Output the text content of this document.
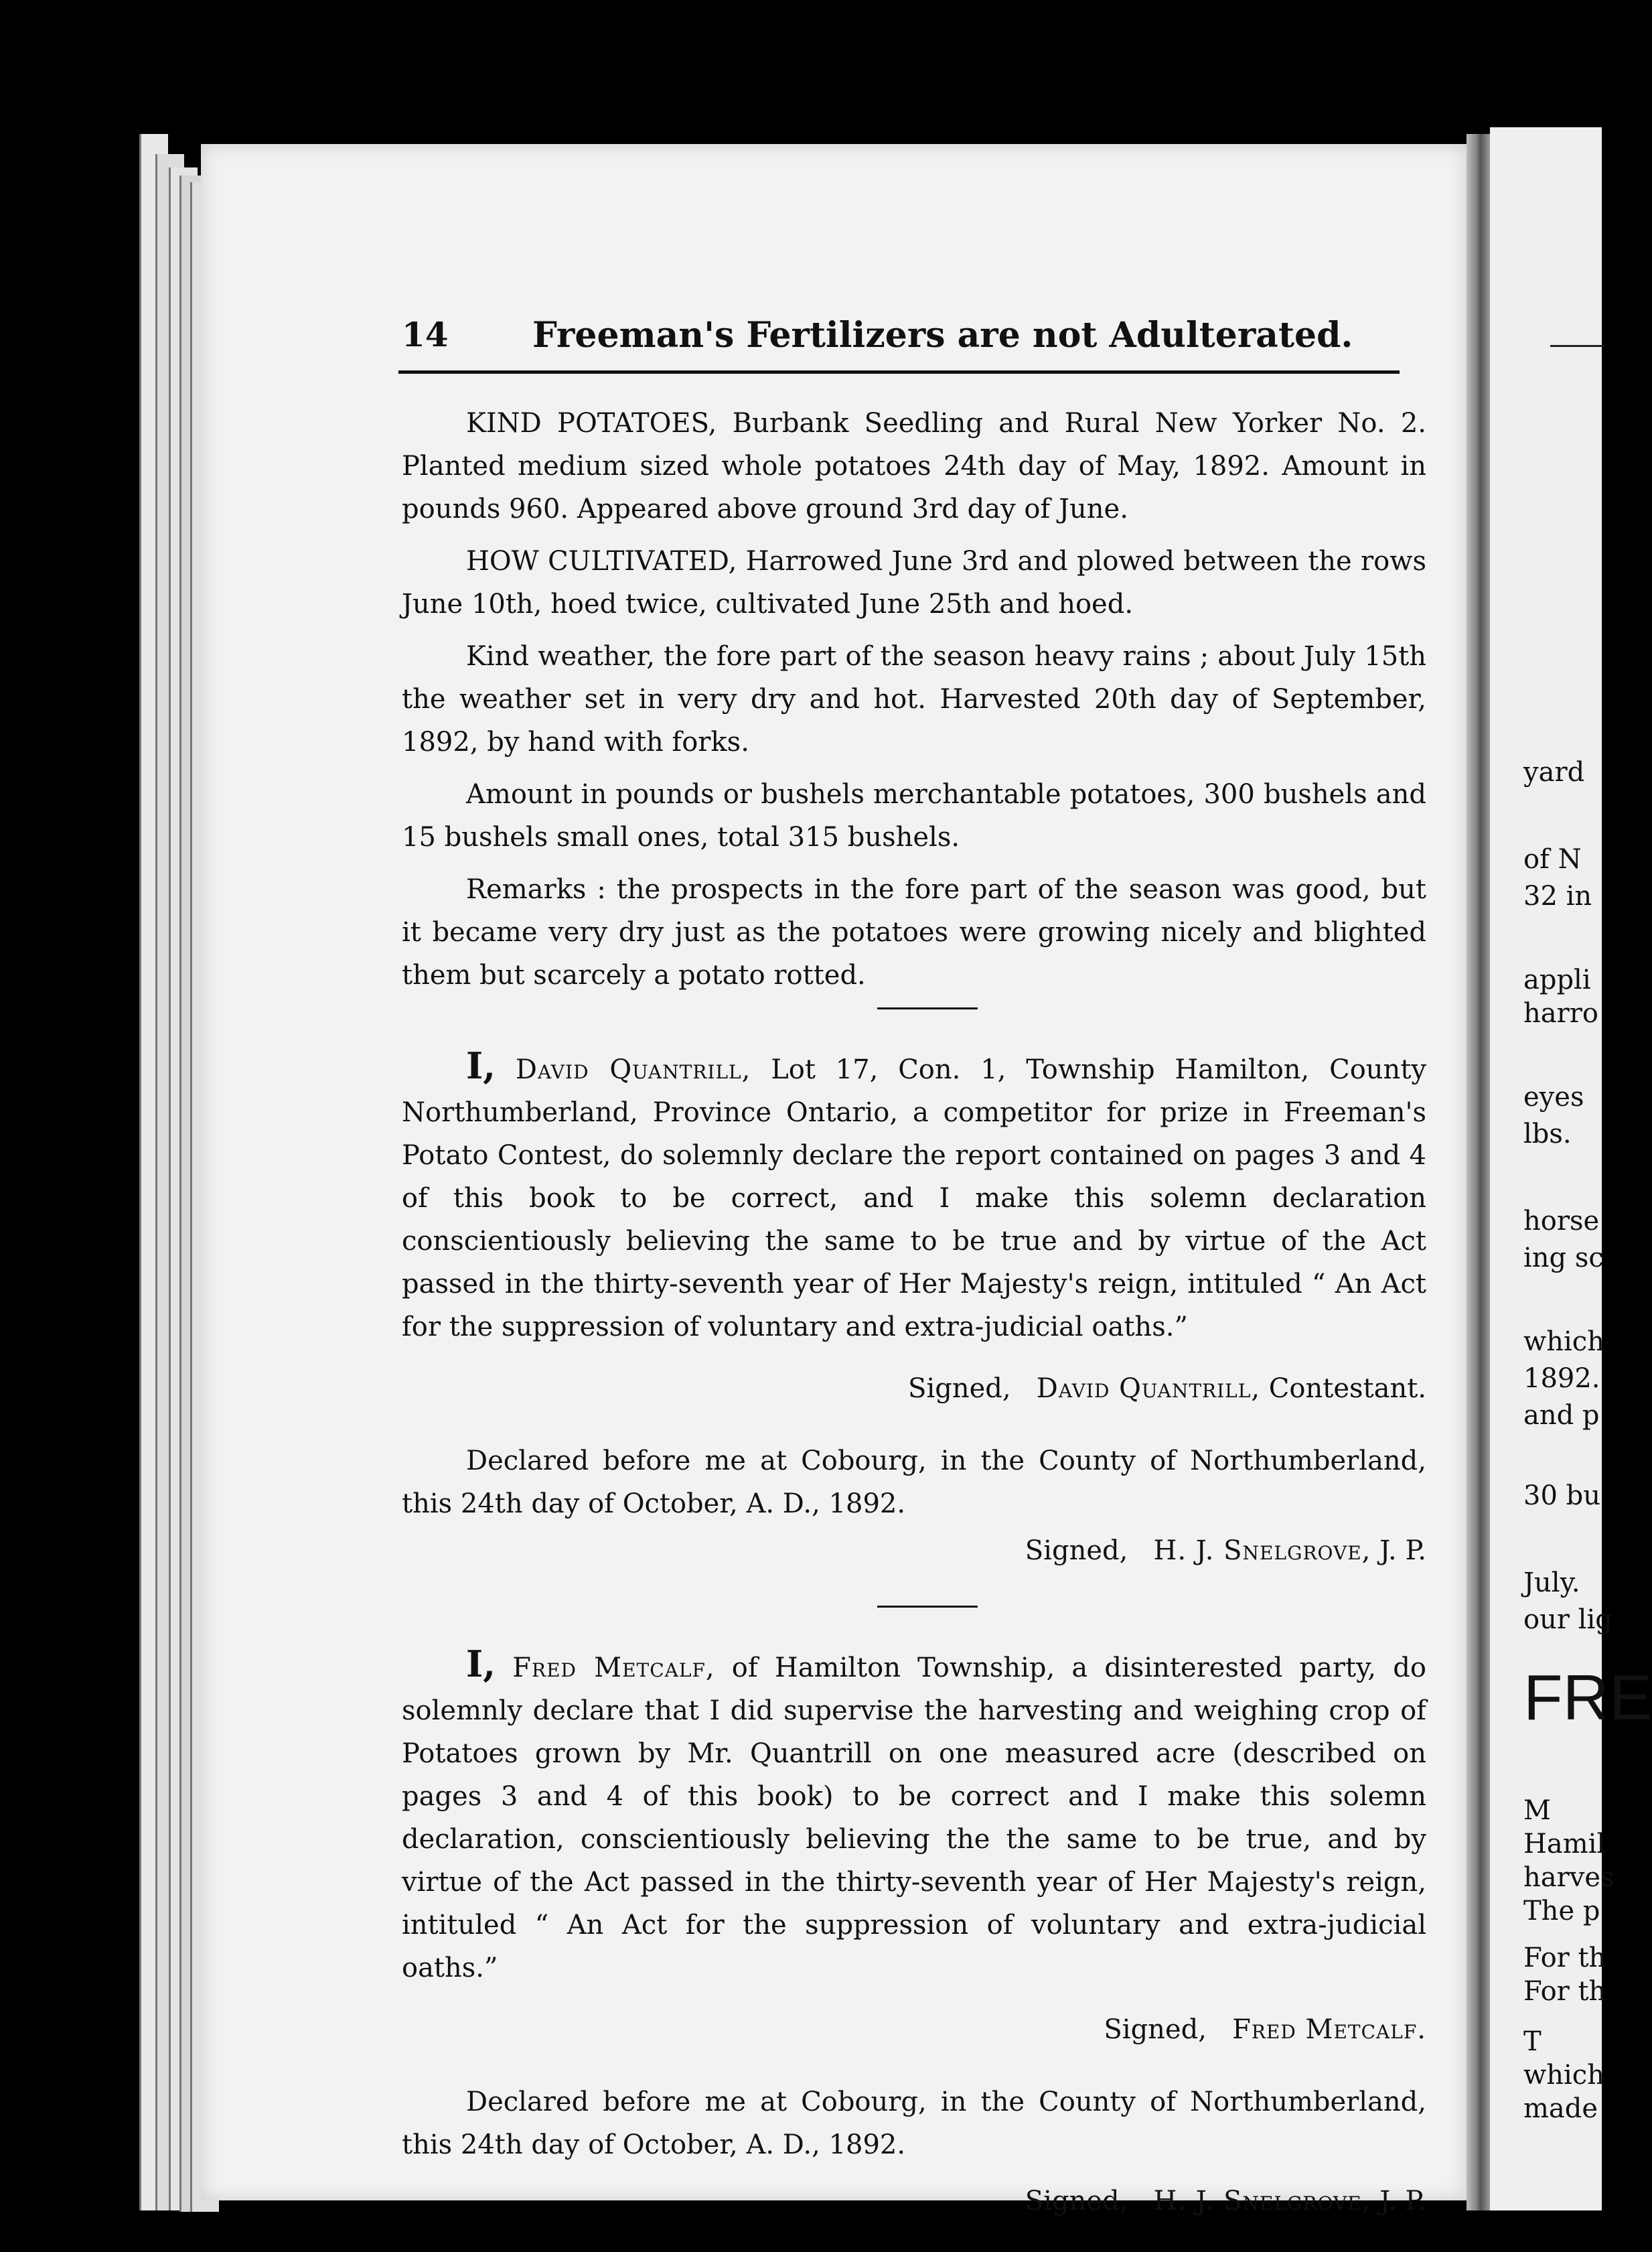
yard
of N
32 in
appli
harro
eyes
lbs.
horse
ing sc
which
1892.
and p
30 bu
July.
our lig
FRE
M
Hamil
harves
The p
For th
For th
T
which
made
14 Freeman's Fertilizers are not Adulterated.

KIND POTATOES, Burbank Seedling and Rural New Yorker No. 2. Planted medium sized whole potatoes 24th day of May, 1892. Amount in pounds 960. Appeared above ground 3rd day of June.

HOW CULTIVATED, Harrowed June 3rd and plowed between the rows June 10th, hoed twice, cultivated June 25th and hoed.

Kind weather, the fore part of the season heavy rains ; about July 15th the weather set in very dry and hot. Harvested 20th day of September, 1892, by hand with forks.

Amount in pounds or bushels merchantable potatoes, 300 bushels and 15 bushels small ones, total 315 bushels.

Remarks : the prospects in the fore part of the season was good, but it became very dry just as the potatoes were growing nicely and blighted them but scarcely a potato rotted.

I, David Quantrill, Lot 17, Con. 1, Township Hamilton, County Northumberland, Province Ontario, a competitor for prize in Freeman's Potato Contest, do solemnly declare the report contained on pages 3 and 4 of this book to be correct, and I make this solemn declaration conscientiously believing the same to be true and by virtue of the Act passed in the thirty-seventh year of Her Majesty's reign, intituled “ An Act for the suppression of voluntary and extra-judicial oaths.”

Signed, David Quantrill, Contestant.

Declared before me at Cobourg, in the County of Northumberland, this 24th day of October, A. D., 1892.

Signed, H. J. Snelgrove, J. P.

I, Fred Metcalf, of Hamilton Township, a disinterested party, do solemnly declare that I did supervise the harvesting and weighing crop of Potatoes grown by Mr. Quantrill on one measured acre (described on pages 3 and 4 of this book) to be correct and I make this solemn declaration, conscientiously believing the the same to be true, and by virtue of the Act passed in the thirty-seventh year of Her Majesty's reign, intituled “ An Act for the suppression of voluntary and extra-judicial oaths.”

Signed, Fred Metcalf.

Declared before me at Cobourg, in the County of Northumberland, this 24th day of October, A. D., 1892.

Signed, H. J. Snelgrove, J. P.
